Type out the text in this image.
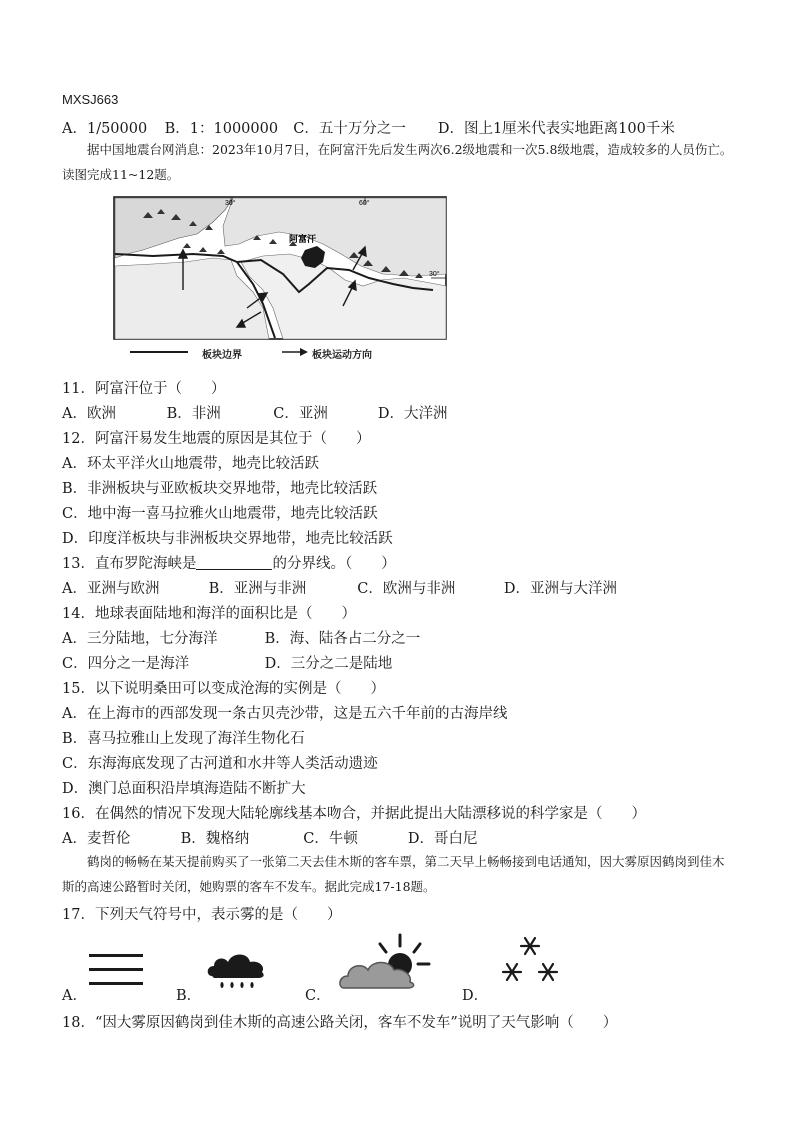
MXSJ663
A．1/50000 B．1：1000000 C．五十万分之一 D．图上1厘米代表实地距离100千米
据中国地震台网消息：2023年10月7日，在阿富汗先后发生两次6.2级地震和一次5.8级地震，造成较多的人员伤亡。读图完成11~12题。
阿富汗
30°	60°
30°
板块边界	板块运动方向
11．阿富汗位于（　　）
A．欧洲	B．非洲	C．亚洲	D．大洋洲
12．阿富汗易发生地震的原因是其位于（　　）
A．环太平洋火山地震带，地壳比较活跃
B．非洲板块与亚欧板块交界地带，地壳比较活跃
C．地中海一喜马拉雅火山地震带，地壳比较活跃
D．印度洋板块与非洲板块交界地带，地壳比较活跃
13．直布罗陀海峡是	的分界线。（　　）
A．亚洲与欧洲	B．亚洲与非洲	C．欧洲与非洲	D．亚洲与大洋洲
14．地球表面陆地和海洋的面积比是（　　）
A．三分陆地，七分海洋	B．海、陆各占二分之一
C．四分之一是海洋	D．三分之二是陆地
15．以下说明桑田可以变成沧海的实例是（　　）
A．在上海市的西部发现一条古贝壳沙带，这是五六千年前的古海岸线
B．喜马拉雅山上发现了海洋生物化石
C．东海海底发现了古河道和水井等人类活动遗迹
D．澳门总面积沿岸填海造陆不断扩大
16．在偶然的情况下发现大陆轮廓线基本吻合，并据此提出大陆漂移说的科学家是（　　）
A．麦哲伦	B．魏格纳	C．牛顿	D．哥白尼
鹤岗的畅畅在某天提前购买了一张第二天去佳木斯的客车票，第二天早上畅畅接到电话通知，因大雾原因鹤岗到佳木斯的高速公路暂时关闭，她购票的客车不发车。据此完成17-18题。
17．下列天气符号中，表示雾的是（　　）
A．	B．	C．	D．
18．“因大雾原因鹤岗到佳木斯的高速公路关闭，客车不发车”说明了天气影响（　　）
